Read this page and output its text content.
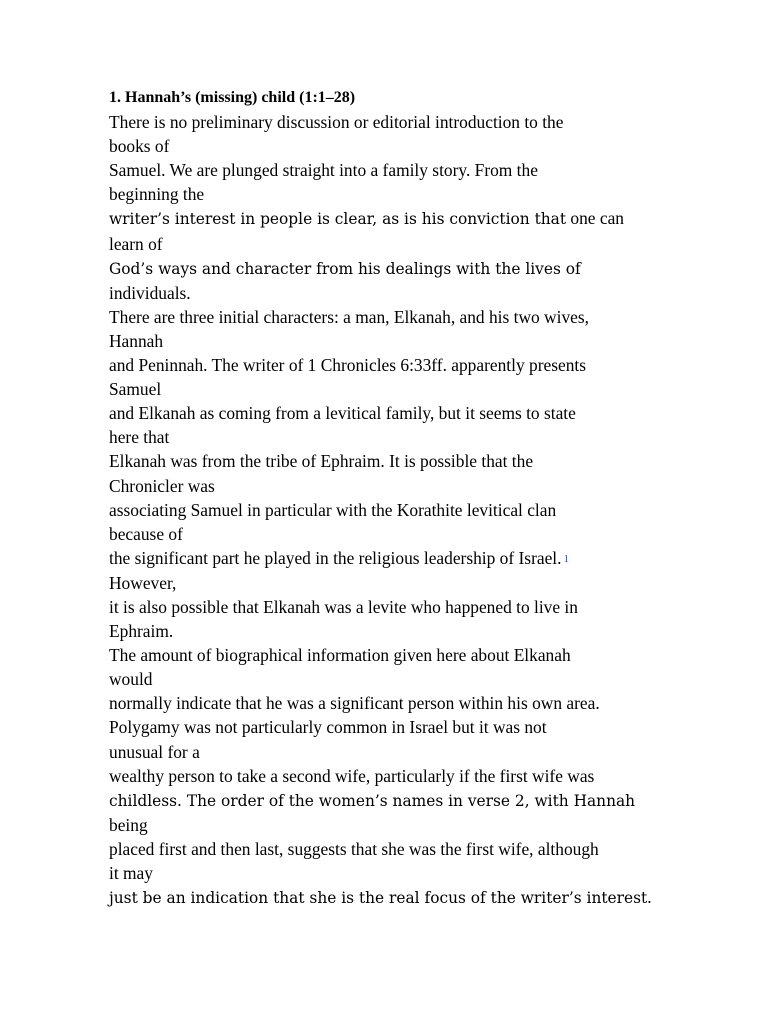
1. Hannah’s (missing) child (1:1–28)
There is no preliminary discussion or editorial introduction to the
books of
Samuel. We are plunged straight into a family story. From the
beginning the
writer’s interest in people is clear, as is his conviction that one can
learn of
God’s ways and character from his dealings with the lives of
individuals.
There are three initial characters: a man, Elkanah, and his two wives,
Hannah
and Peninnah. The writer of 1 Chronicles 6:33ff. apparently presents
Samuel
and Elkanah as coming from a levitical family, but it seems to state
here that
Elkanah was from the tribe of Ephraim. It is possible that the
Chronicler was
associating Samuel in particular with the Korathite levitical clan
because of
the significant part he played in the religious leadership of Israel. 1
However,
it is also possible that Elkanah was a levite who happened to live in
Ephraim.
The amount of biographical information given here about Elkanah
would
normally indicate that he was a significant person within his own area.
Polygamy was not particularly common in Israel but it was not
unusual for a
wealthy person to take a second wife, particularly if the first wife was
childless. The order of the women’s names in verse 2, with Hannah
being
placed first and then last, suggests that she was the first wife, although
it may
just be an indication that she is the real focus of the writer’s interest.
